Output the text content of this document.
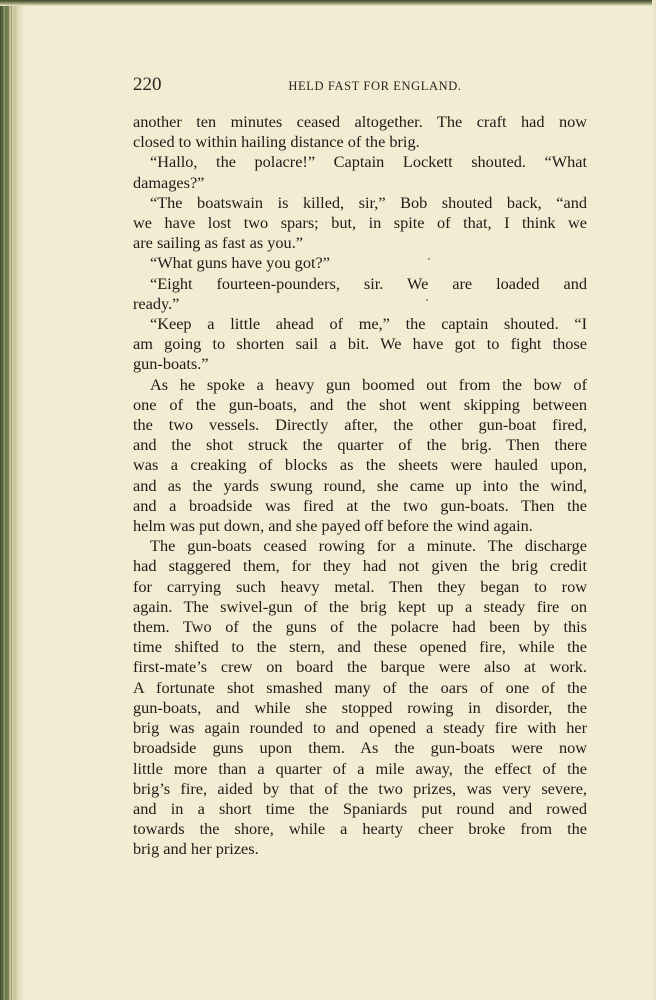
220	HELD FAST FOR ENGLAND.
another ten minutes ceased altogether. The craft had now
closed to within hailing distance of the brig.
“Hallo, the polacre!” Captain Lockett shouted. “What
damages?”
“The boatswain is killed, sir,” Bob shouted back, “and
we have lost two spars; but, in spite of that, I think we
are sailing as fast as you.”
“What guns have you got?”
“Eight fourteen-pounders, sir. We are loaded and
ready.”
“Keep a little ahead of me,” the captain shouted. “I
am going to shorten sail a bit. We have got to fight those
gun-boats.”
As he spoke a heavy gun boomed out from the bow of
one of the gun-boats, and the shot went skipping between
the two vessels. Directly after, the other gun-boat fired,
and the shot struck the quarter of the brig. Then there
was a creaking of blocks as the sheets were hauled upon,
and as the yards swung round, she came up into the wind,
and a broadside was fired at the two gun-boats. Then the
helm was put down, and she payed off before the wind again.
The gun-boats ceased rowing for a minute. The discharge
had staggered them, for they had not given the brig credit
for carrying such heavy metal. Then they began to row
again. The swivel-gun of the brig kept up a steady fire on
them. Two of the guns of the polacre had been by this
time shifted to the stern, and these opened fire, while the
first-mate’s crew on board the barque were also at work.
A fortunate shot smashed many of the oars of one of the
gun-boats, and while she stopped rowing in disorder, the
brig was again rounded to and opened a steady fire with her
broadside guns upon them. As the gun-boats were now
little more than a quarter of a mile away, the effect of the
brig’s fire, aided by that of the two prizes, was very severe,
and in a short time the Spaniards put round and rowed
towards the shore, while a hearty cheer broke from the
brig and her prizes.
